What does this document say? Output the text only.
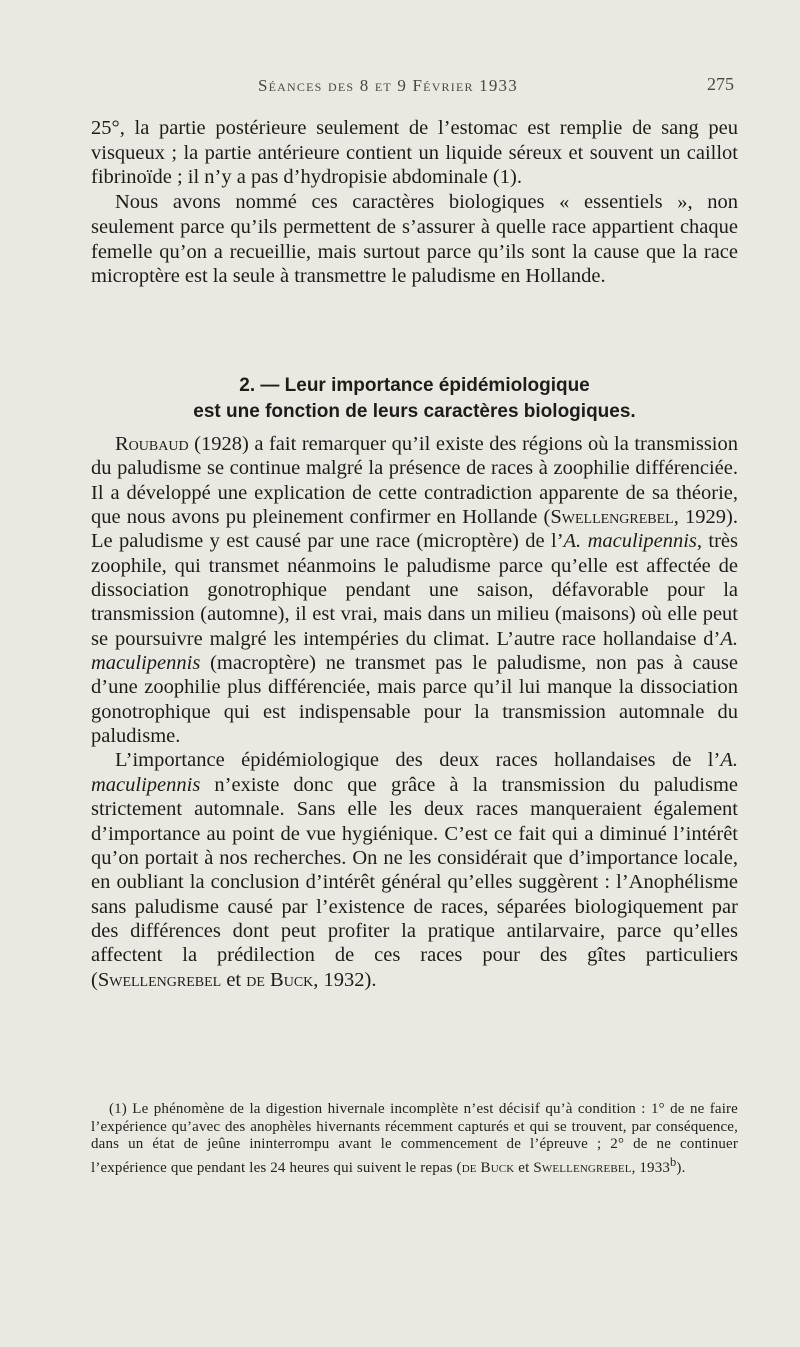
Séances des 8 et 9 Février 1933	275

25°, la partie postérieure seulement de l’estomac est remplie de sang peu visqueux ; la partie antérieure contient un liquide séreux et souvent un caillot fibrinoïde ; il n’y a pas d’hydropisie abdominale (1).

Nous avons nommé ces caractères biologiques « essentiels », non seulement parce qu’ils permettent de s’assurer à quelle race appartient chaque femelle qu’on a recueillie, mais surtout parce qu’ils sont la cause que la race microptère est la seule à transmettre le paludisme en Hollande.

2. — Leur importance épidémiologique
est une fonction de leurs caractères biologiques.

Roubaud (1928) a fait remarquer qu’il existe des régions où la transmission du paludisme se continue malgré la présence de races à zoophilie différenciée. Il a développé une explication de cette contradiction apparente de sa théorie, que nous avons pu pleinement confirmer en Hollande (Swellengrebel, 1929). Le paludisme y est causé par une race (microptère) de l’A. maculipennis, très zoophile, qui transmet néanmoins le paludisme parce qu’elle est affectée de dissociation gonotrophique pendant une saison, défavorable pour la transmission (automne), il est vrai, mais dans un milieu (maisons) où elle peut se poursuivre malgré les intempéries du climat. L’autre race hollandaise d’A. maculipennis (macroptère) ne transmet pas le paludisme, non pas à cause d’une zoophilie plus différenciée, mais parce qu’il lui manque la dissociation gonotrophique qui est indispensable pour la transmission automnale du paludisme.

L’importance épidémiologique des deux races hollandaises de l’A. maculipennis n’existe donc que grâce à la transmission du paludisme strictement automnale. Sans elle les deux races manqueraient également d’importance au point de vue hygiénique. C’est ce fait qui a diminué l’intérêt qu’on portait à nos recherches. On ne les considérait que d’importance locale, en oubliant la conclusion d’intérêt général qu’elles suggèrent : l’Anophélisme sans paludisme causé par l’existence de races, séparées biologiquement par des différences dont peut profiter la pratique antilarvaire, parce qu’elles affectent la prédilection de ces races pour des gîtes particuliers (Swellengrebel et de Buck, 1932).

(1) Le phénomène de la digestion hivernale incomplète n’est décisif qu’à condition : 1° de ne faire l’expérience qu’avec des anophèles hivernants récemment capturés et qui se trouvent, par conséquence, dans un état de jeûne ininterrompu avant le commencement de l’épreuve ; 2° de ne continuer l’expérience que pendant les 24 heures qui suivent le repas (de Buck et Swellengrebel, 1933$^b$).
